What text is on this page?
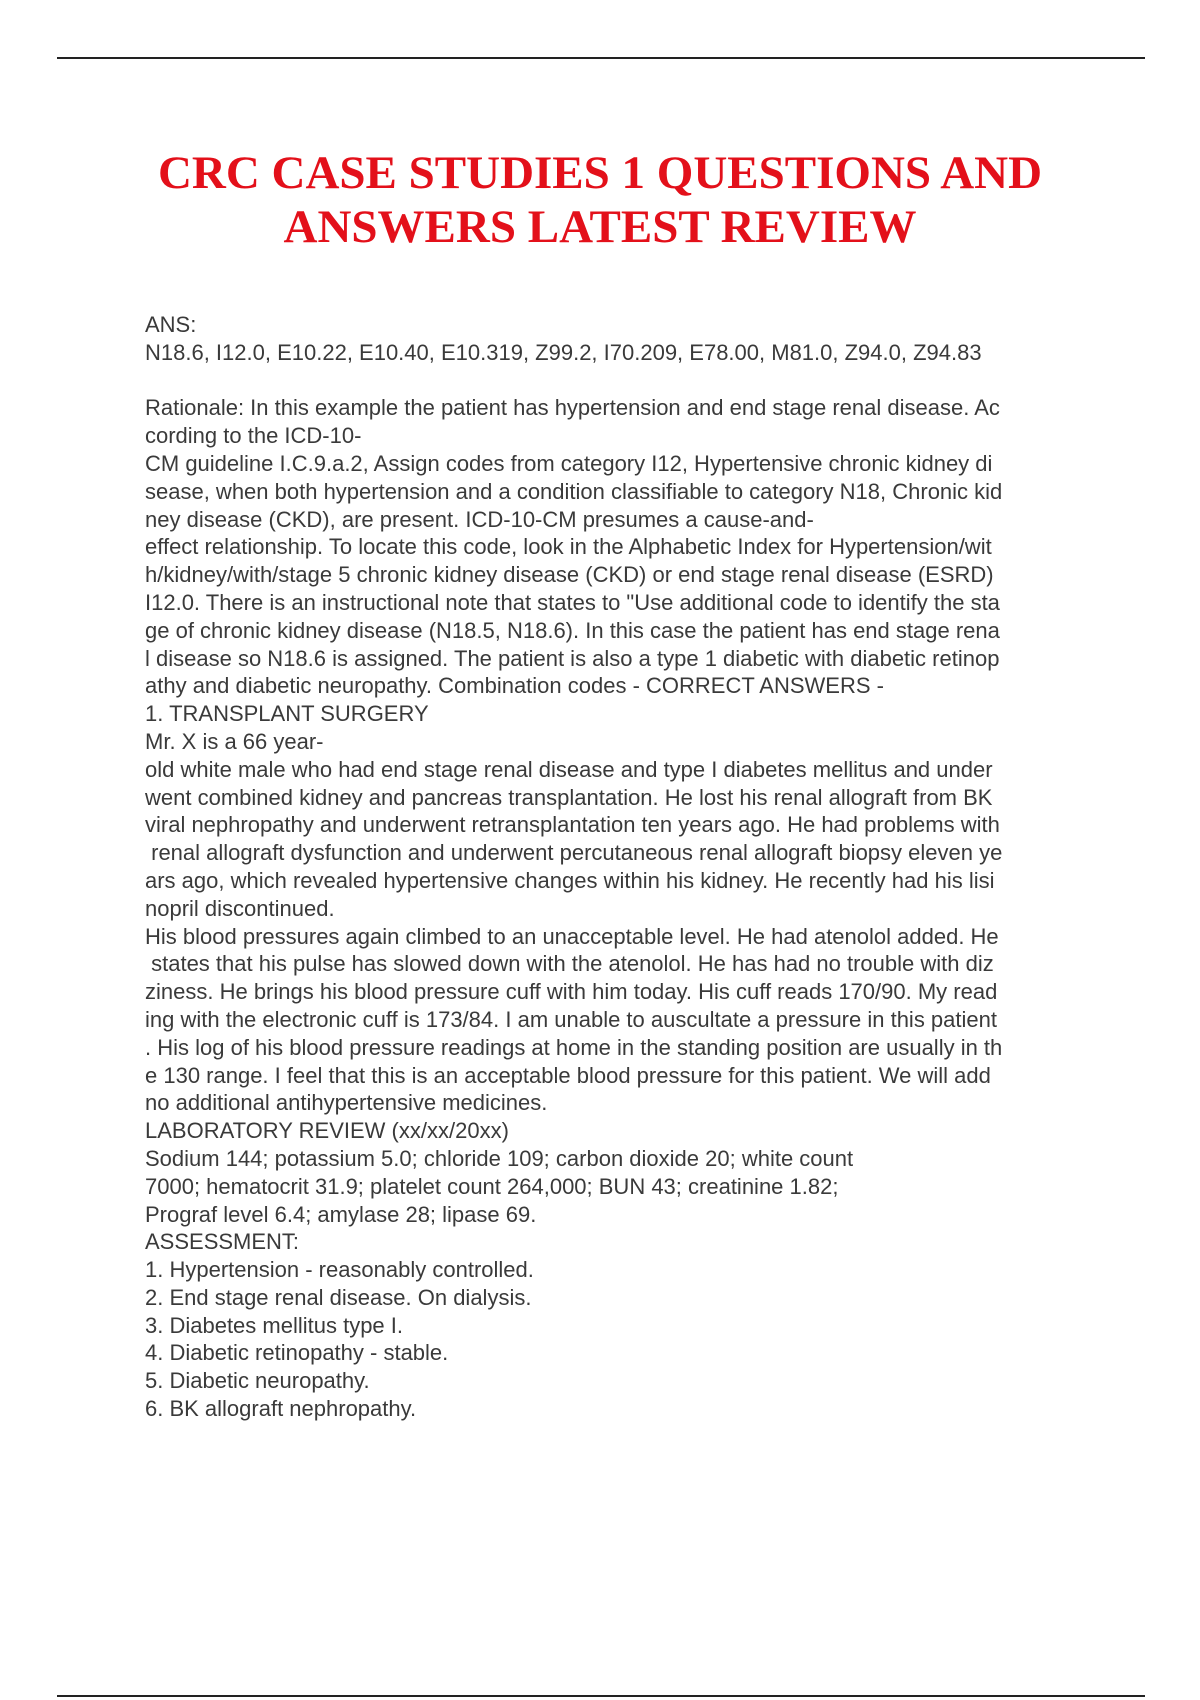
CRC CASE STUDIES 1 QUESTIONS AND
ANSWERS LATEST REVIEW
ANS:
N18.6, I12.0, E10.22, E10.40, E10.319, Z99.2, I70.209, E78.00, M81.0, Z94.0, Z94.83
Rationale: In this example the patient has hypertension and end stage renal disease. Ac
cording to the ICD-10-
CM guideline I.C.9.a.2, Assign codes from category I12, Hypertensive chronic kidney di
sease, when both hypertension and a condition classifiable to category N18, Chronic kid
ney disease (CKD), are present. ICD-10-CM presumes a cause-and-
effect relationship. To locate this code, look in the Alphabetic Index for Hypertension/wit
h/kidney/with/stage 5 chronic kidney disease (CKD) or end stage renal disease (ESRD)
I12.0. There is an instructional note that states to "Use additional code to identify the sta
ge of chronic kidney disease (N18.5, N18.6). In this case the patient has end stage rena
l disease so N18.6 is assigned. The patient is also a type 1 diabetic with diabetic retinop
athy and diabetic neuropathy. Combination codes - CORRECT ANSWERS -
1. TRANSPLANT SURGERY
Mr. X is a 66 year-
old white male who had end stage renal disease and type I diabetes mellitus and under
went combined kidney and pancreas transplantation. He lost his renal allograft from BK
viral nephropathy and underwent retransplantation ten years ago. He had problems with
renal allograft dysfunction and underwent percutaneous renal allograft biopsy eleven ye
ars ago, which revealed hypertensive changes within his kidney. He recently had his lisi
nopril discontinued.
His blood pressures again climbed to an unacceptable level. He had atenolol added. He
states that his pulse has slowed down with the atenolol. He has had no trouble with diz
ziness. He brings his blood pressure cuff with him today. His cuff reads 170/90. My read
ing with the electronic cuff is 173/84. I am unable to auscultate a pressure in this patient
. His log of his blood pressure readings at home in the standing position are usually in th
e 130 range. I feel that this is an acceptable blood pressure for this patient. We will add
no additional antihypertensive medicines.
LABORATORY REVIEW (xx/xx/20xx)
Sodium 144; potassium 5.0; chloride 109; carbon dioxide 20; white count
7000; hematocrit 31.9; platelet count 264,000; BUN 43; creatinine 1.82;
Prograf level 6.4; amylase 28; lipase 69.
ASSESSMENT:
1. Hypertension - reasonably controlled.
2. End stage renal disease. On dialysis.
3. Diabetes mellitus type I.
4. Diabetic retinopathy - stable.
5. Diabetic neuropathy.
6. BK allograft nephropathy.
